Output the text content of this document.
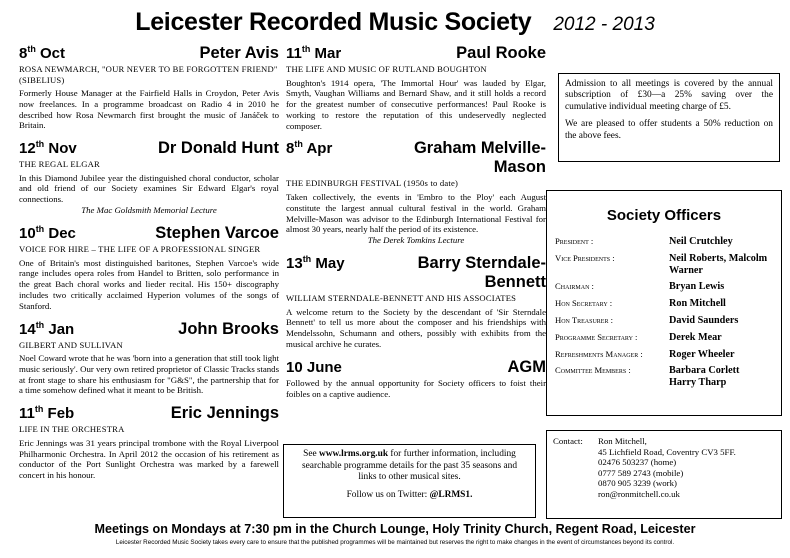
Leicester Recorded Music Society 2012 - 2013
8th Oct	Peter Avis
ROSA NEWMARCH, "OUR NEVER TO BE FORGOTTEN FRIEND" (SIBELIUS)
Formerly House Manager at the Fairfield Halls in Croydon, Peter Avis now freelances. In a programme broadcast on Radio 4 in 2010 he described how Rosa Newmarch first brought the music of Janáček to Britain.
12th Nov	Dr Donald Hunt
THE REGAL ELGAR
In this Diamond Jubilee year the distinguished choral conductor, scholar and old friend of our Society examines Sir Edward Elgar's royal connections.
The Mac Goldsmith Memorial Lecture
10th Dec	Stephen Varcoe
VOICE FOR HIRE – THE LIFE OF A PROFESSIONAL SINGER
One of Britain's most distinguished baritones, Stephen Varcoe's wide range includes opera roles from Handel to Britten, solo performance in the great Bach choral works and lieder recital. His 150+ discography includes two critically acclaimed Hyperion volumes of the songs of Stanford.
14th Jan	John Brooks
GILBERT AND SULLIVAN
Noel Coward wrote that he was 'born into a generation that still took light music seriously'. Our very own retired proprietor of Classic Tracks stands at front stage to share his enthusiasm for "G&S", the partnership that for a time somehow defined what it meant to be British.
11th Feb	Eric Jennings
LIFE IN THE ORCHESTRA
Eric Jennings was 31 years principal trombone with the Royal Liverpool Philharmonic Orchestra. In April 2012 the occasion of his retirement as conductor of the Port Sunlight Orchestra was marked by a farewell concert in his honour.
11th Mar	Paul Rooke
THE LIFE AND MUSIC OF RUTLAND BOUGHTON
Boughton's 1914 opera, 'The Immortal Hour' was lauded by Elgar, Smyth, Vaughan Williams and Bernard Shaw, and it still holds a record for the greatest number of consecutive performances! Paul Rooke is working to restore the reputation of this undeservedly neglected composer.
8th Apr	Graham Melville-Mason
THE EDINBURGH FESTIVAL (1950s to date)
Taken collectively, the events in 'Embro to the Ploy' each August constitute the largest annual cultural festival in the world. Graham Melville-Mason was advisor to the Edinburgh International Festival for almost 30 years, nearly half the period of its existence.
The Derek Tomkins Lecture
13th May	Barry Sterndale-Bennett
WILLIAM STERNDALE-BENNETT AND HIS ASSOCIATES
A welcome return to the Society by the descendant of 'Sir Sterndale Bennett' to tell us more about the composer and his friendships with Mendelssohn, Schumann and others, possibly with exhibits from the musical archive he curates.
10 June	AGM
Followed by the annual opportunity for Society officers to foist their foibles on a captive audience.
See www.lrms.org.uk for further information, including searchable programme details for the past 35 seasons and links to other musical sites.
Follow us on Twitter: @LRMS1.

Admission to all meetings is covered by the annual subscription of £30—a 25% saving over the cumulative individual meeting charge of £5.

We are pleased to offer students a 50% reduction on the above fees.

Society Officers
President :	Neil Crutchley
Vice Presidents :	Neil Roberts, Malcolm Warner
Chairman :	Bryan Lewis
Hon Secretary :	Ron Mitchell
Hon Treasurer :	David Saunders
Programme Secretary :	Derek Mear
Refreshments Manager :	Roger Wheeler
Committee Members :	Barbara Corlett Harry Tharp
Contact:	Ron Mitchell,
45 Lichfield Road, Coventry CV3 5FF.
02476 503237 (home)
0777 589 2743 (mobile)
0870 905 3239 (work)
ron@ronmitchell.co.uk
Meetings on Mondays at 7:30 pm in the Church Lounge, Holy Trinity Church, Regent Road, Leicester
Leicester Recorded Music Society takes every care to ensure that the published programmes will be maintained but reserves the right to make changes in the event of circumstances beyond its control.
